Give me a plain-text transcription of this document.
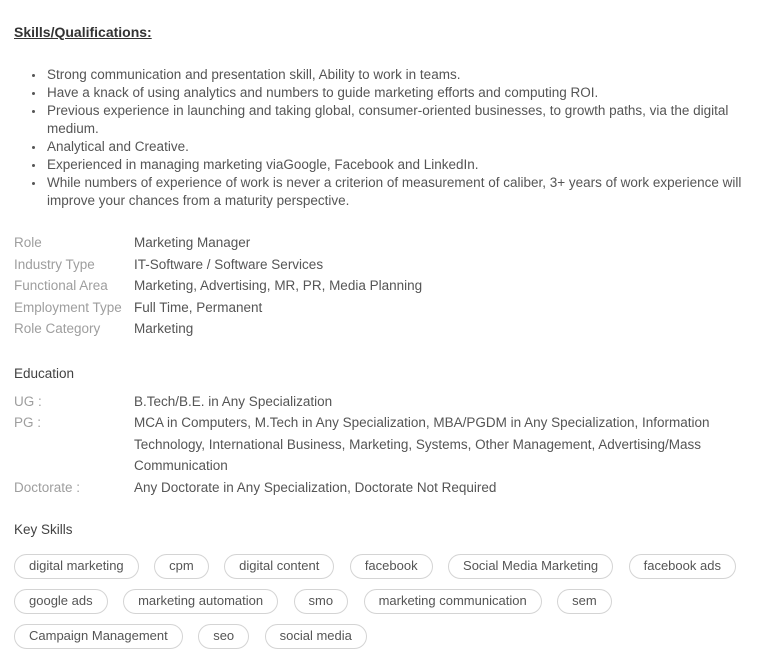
Skills/Qualifications:
• Strong communication and presentation skill, Ability to work in teams.
• Have a knack of using analytics and numbers to guide marketing efforts and computing ROI.
• Previous experience in launching and taking global, consumer-oriented businesses, to growth paths, via the digital medium.
• Analytical and Creative.
• Experienced in managing marketing viaGoogle, Facebook and LinkedIn.
• While numbers of experience of work is never a criterion of measurement of caliber, 3+ years of work experience will improve your chances from a maturity perspective.
Role	Marketing Manager
Industry Type	IT-Software / Software Services
Functional Area	Marketing, Advertising, MR, PR, Media Planning
Employment Type Full Time, Permanent
Role Category	Marketing
Education
UG :	B.Tech/B.E. in Any Specialization
PG :	MCA in Computers, M.Tech in Any Specialization, MBA/PGDM in Any Specialization, Information Technology, International Business, Marketing, Systems, Other Management, Advertising/Mass Communication
Doctorate :	Any Doctorate in Any Specialization, Doctorate Not Required
Key Skills
digital marketing	cpm	digital content	facebook	Social Media Marketing	facebook ads google ads	marketing automation	smo	marketing communication	sem Campaign Management	seo	social media
